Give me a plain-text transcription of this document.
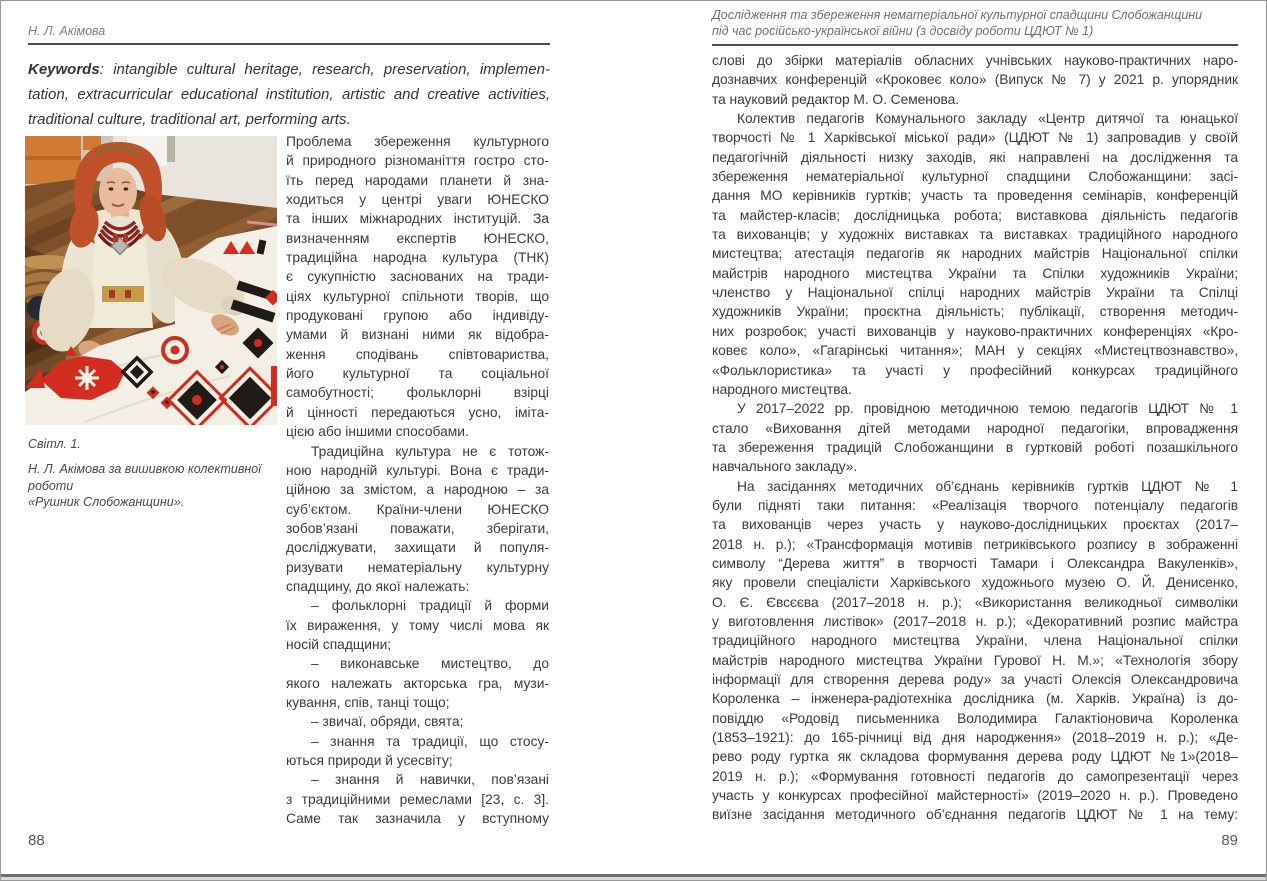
Н. Л. Акімова
Keywords: intangible cultural heritage, research, preservation, implemen-
tation, extracurricular educational institution, artistic and creative activities,
traditional culture, traditional art, performing arts.
Світл. 1.
Н. Л. Акімова за вишивкою колективної роботи
«Рушник Слобожанщини».
Проблема збереження культурного
й природного різноманіття гостро сто-
їть перед народами планети й зна-
ходиться у центрі уваги ЮНЕСКО
та інших міжнародних інституцій. За
визначенням експертів ЮНЕСКО,
традиційна народна культура (ТНК)
є сукупністю заснованих на тради-
ціях культурної спільноти творів, що
продуковані групою або індивіду-
умами й визнані ними як відобра-
ження сподівань співтовариства,
його культурної та соціальної
самобутності; фольклорні взірці
й цінності передаються усно, іміта-
цією або іншими способами.
Традиційна культура не є тотож-
ною народній культурі. Вона є тради-
ційною за змістом, а народною – за
суб’єктом. Країни-члени ЮНЕСКО
зобов’язані поважати, зберігати,
досліджувати, захищати й популя-
ризувати нематеріальну культурну
спадщину, до якої належать:
– фольклорні традиції й форми
їх вираження, у тому числі мова як
носій спадщини;
– виконавське мистецтво, до
якого належать акторська гра, музи-
кування, спів, танці тощо;
– звичаї, обряди, свята;
– знання та традиції, що стосу-
ються природи й усесвіту;
– знання й навички, пов’язані
з традиційними ремеслами [23, с. 3].
Саме так зазначила у вступному
88
Дослідження та збереження нематеріальної культурної спадщини Слобожанщини
під час російсько-української війни (з досвіду роботи ЦДЮТ № 1)
слові до збірки матеріалів обласних учнівських науково-практичних наро-
дознавчих конференцій «Кроковеє коло» (Випуск № 7) у 2021 р. упорядник
та науковий редактор М. О. Семенова.
Колектив педагогів Комунального закладу «Центр дитячої та юнацької
творчості № 1 Харківської міської ради» (ЦДЮТ № 1) запровадив у своїй
педагогічній діяльності низку заходів, які направлені на дослідження та
збереження нематеріальної культурної спадщини Слобожанщини: засі-
дання МО керівників гуртків; участь та проведення семінарів, конференцій
та майстер-класів; дослідницька робота; виставкова діяльність педагогів
та вихованців; у художніх виставках та виставках традиційного народного
мистецтва; атестація педагогів як народних майстрів Національної спілки
майстрів народного мистецтва України та Спілки художників України;
членство у Національної спілці народних майстрів України та Спілці
художників України; проєктна діяльність; публікації, створення методич-
них розробок; участі вихованців у науково-практичних конференціях «Кро-
ковеє коло», «Гагарінські читання»; МАН у секціях «Мистецтвознавство»,
«Фольклористика» та участі у професійний конкурсах традиційного
народного мистецтва.
У 2017–2022 рр. провідною методичною темою педагогів ЦДЮТ № 1
стало «Виховання дітей методами народної педагогіки, впровадження
та збереження традицій Слобожанщини в гуртковій роботі позашкільного
навчального закладу».
На засіданнях методичних об’єднань керівників гуртків ЦДЮТ № 1
були підняті таки питання: «Реалізація творчого потенціалу педагогів
та вихованців через участь у науково-дослідницьких проєктах (2017–
2018 н. р.); «Трансформація мотивів петриківського розпису в зображенні
символу “Дерева життя” в творчості Тамари і Олександра Вакуленків»,
яку провели спеціалісти Харківського художнього музею О. Й. Денисенко,
О. Є. Євсєєва (2017–2018 н. р.); «Використання великодньої символіки
у виготовлення листівок» (2017–2018 н. р.); «Декоративний розпис майстра
традиційного народного мистецтва України, члена Національної спілки
майстрів народного мистецтва України Гурової Н. М.»; «Технологія збору
інформації для створення дерева роду» за участі Олексія Олександровича
Короленка – інженера-радіотехніка дослідника (м. Харків. Україна) із до-
повіддю «Родовід письменника Володимира Галактіоновича Короленка
(1853–1921): до 165-річниці від дня народження» (2018–2019 н. р.); «Де-
рево роду гуртка як складова формування дерева роду ЦДЮТ №1»(2018–
2019 н. р.); «Формування готовності педагогів до самопрезентації через
участь у конкурсах професійної майстерності» (2019–2020 н. р.). Проведено
виїзне засідання методичного об’єднання педагогів ЦДЮТ № 1 на тему:
89
